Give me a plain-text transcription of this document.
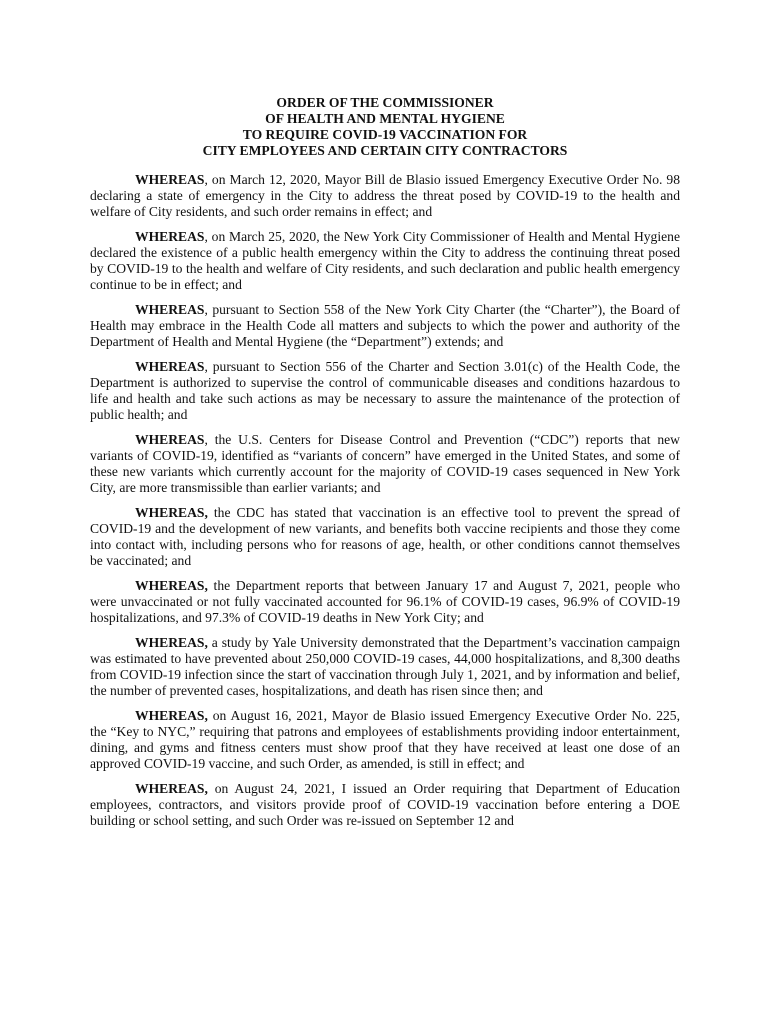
ORDER OF THE COMMISSIONER
OF HEALTH AND MENTAL HYGIENE
TO REQUIRE COVID-19 VACCINATION FOR
CITY EMPLOYEES AND CERTAIN CITY CONTRACTORS

WHEREAS, on March 12, 2020, Mayor Bill de Blasio issued Emergency Executive Order No. 98 declaring a state of emergency in the City to address the threat posed by COVID-19 to the health and welfare of City residents, and such order remains in effect; and

WHEREAS, on March 25, 2020, the New York City Commissioner of Health and Mental Hygiene declared the existence of a public health emergency within the City to address the continuing threat posed by COVID-19 to the health and welfare of City residents, and such declaration and public health emergency continue to be in effect; and

WHEREAS, pursuant to Section 558 of the New York City Charter (the “Charter”), the Board of Health may embrace in the Health Code all matters and subjects to which the power and authority of the Department of Health and Mental Hygiene (the “Department”) extends; and

WHEREAS, pursuant to Section 556 of the Charter and Section 3.01(c) of the Health Code, the Department is authorized to supervise the control of communicable diseases and conditions hazardous to life and health and take such actions as may be necessary to assure the maintenance of the protection of public health; and

WHEREAS, the U.S. Centers for Disease Control and Prevention (“CDC”) reports that new variants of COVID-19, identified as “variants of concern” have emerged in the United States, and some of these new variants which currently account for the majority of COVID-19 cases sequenced in New York City, are more transmissible than earlier variants; and

WHEREAS, the CDC has stated that vaccination is an effective tool to prevent the spread of COVID-19 and the development of new variants, and benefits both vaccine recipients and those they come into contact with, including persons who for reasons of age, health, or other conditions cannot themselves be vaccinated; and

WHEREAS, the Department reports that between January 17 and August 7, 2021, people who were unvaccinated or not fully vaccinated accounted for 96.1% of COVID-19 cases, 96.9% of COVID-19 hospitalizations, and 97.3% of COVID-19 deaths in New York City; and

WHEREAS, a study by Yale University demonstrated that the Department’s vaccination campaign was estimated to have prevented about 250,000 COVID-19 cases, 44,000 hospitalizations, and 8,300 deaths from COVID-19 infection since the start of vaccination through July 1, 2021, and by information and belief, the number of prevented cases, hospitalizations, and death has risen since then; and

WHEREAS, on August 16, 2021, Mayor de Blasio issued Emergency Executive Order No. 225, the “Key to NYC,” requiring that patrons and employees of establishments providing indoor entertainment, dining, and gyms and fitness centers must show proof that they have received at least one dose of an approved COVID-19 vaccine, and such Order, as amended, is still in effect; and

WHEREAS, on August 24, 2021, I issued an Order requiring that Department of Education employees, contractors, and visitors provide proof of COVID-19 vaccination before entering a DOE building or school setting, and such Order was re-issued on September 12 and
